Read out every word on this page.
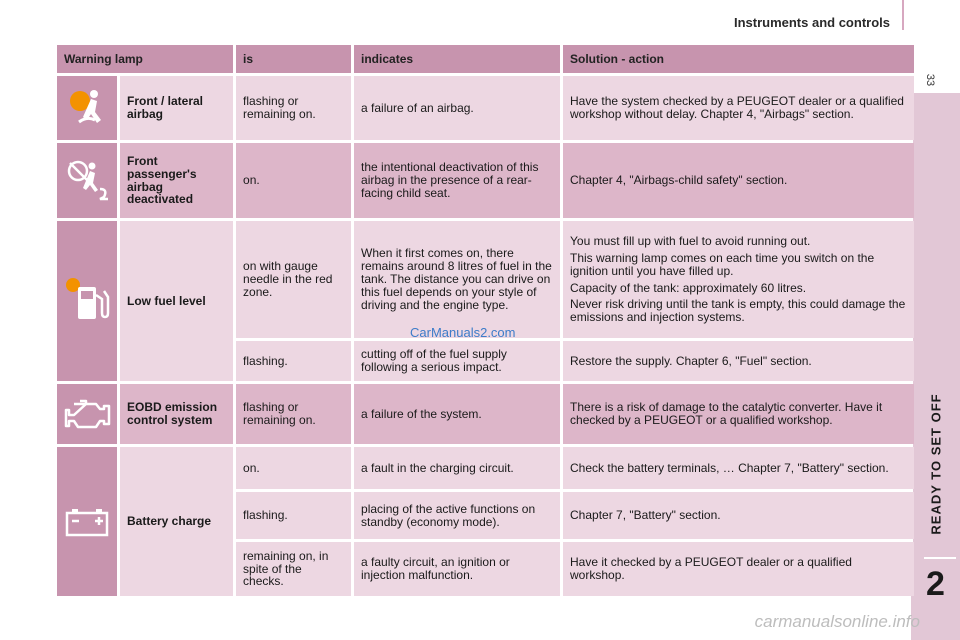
Instruments and controls
33
READY TO SET OFF
2
Warning lamp		is	indicates	Solution - action

	Front / lateral airbag	flashing or remaining on.	a failure of an airbag.	Have the system checked by a PEUGEOT dealer or a qualified workshop without delay. Chapter 4, "Airbags" section.

	Front passenger's airbag deactivated	on.	the intentional deactivation of this airbag in the presence of a rear-facing child seat.	Chapter 4, "Airbags-child safety" section.

	Low fuel level	on with gauge needle in the red zone.	When it first comes on, there remains around 8 litres of fuel in the tank. The distance you can drive on this fuel depends on your style of driving and the engine type.	You must fill up with fuel to avoid running out.

This warning lamp comes on each time you switch on the ignition until you have filled up.

Capacity of the tank: approximately 60 litres.

Never risk driving until the tank is empty, this could damage the emissions and injection systems.

		flashing.	cutting off of the fuel supply following a serious impact.	Restore the supply. Chapter 6, "Fuel" section.

	EOBD emission control system	flashing or remaining on.	a failure of the system.	There is a risk of damage to the catalytic converter. Have it checked by a PEUGEOT or a qualified workshop.

	Battery charge	on.	a fault in the charging circuit.	Check the battery terminals, … Chapter 7, "Battery" section.
		flashing.	placing of the active functions on standby (economy mode).	Chapter 7, "Battery" section.
		remaining on, in spite of the checks.	a faulty circuit, an ignition or injection malfunction.	Have it checked by a PEUGEOT dealer or a qualified workshop.
CarManuals2.com
carmanualsonline.info
